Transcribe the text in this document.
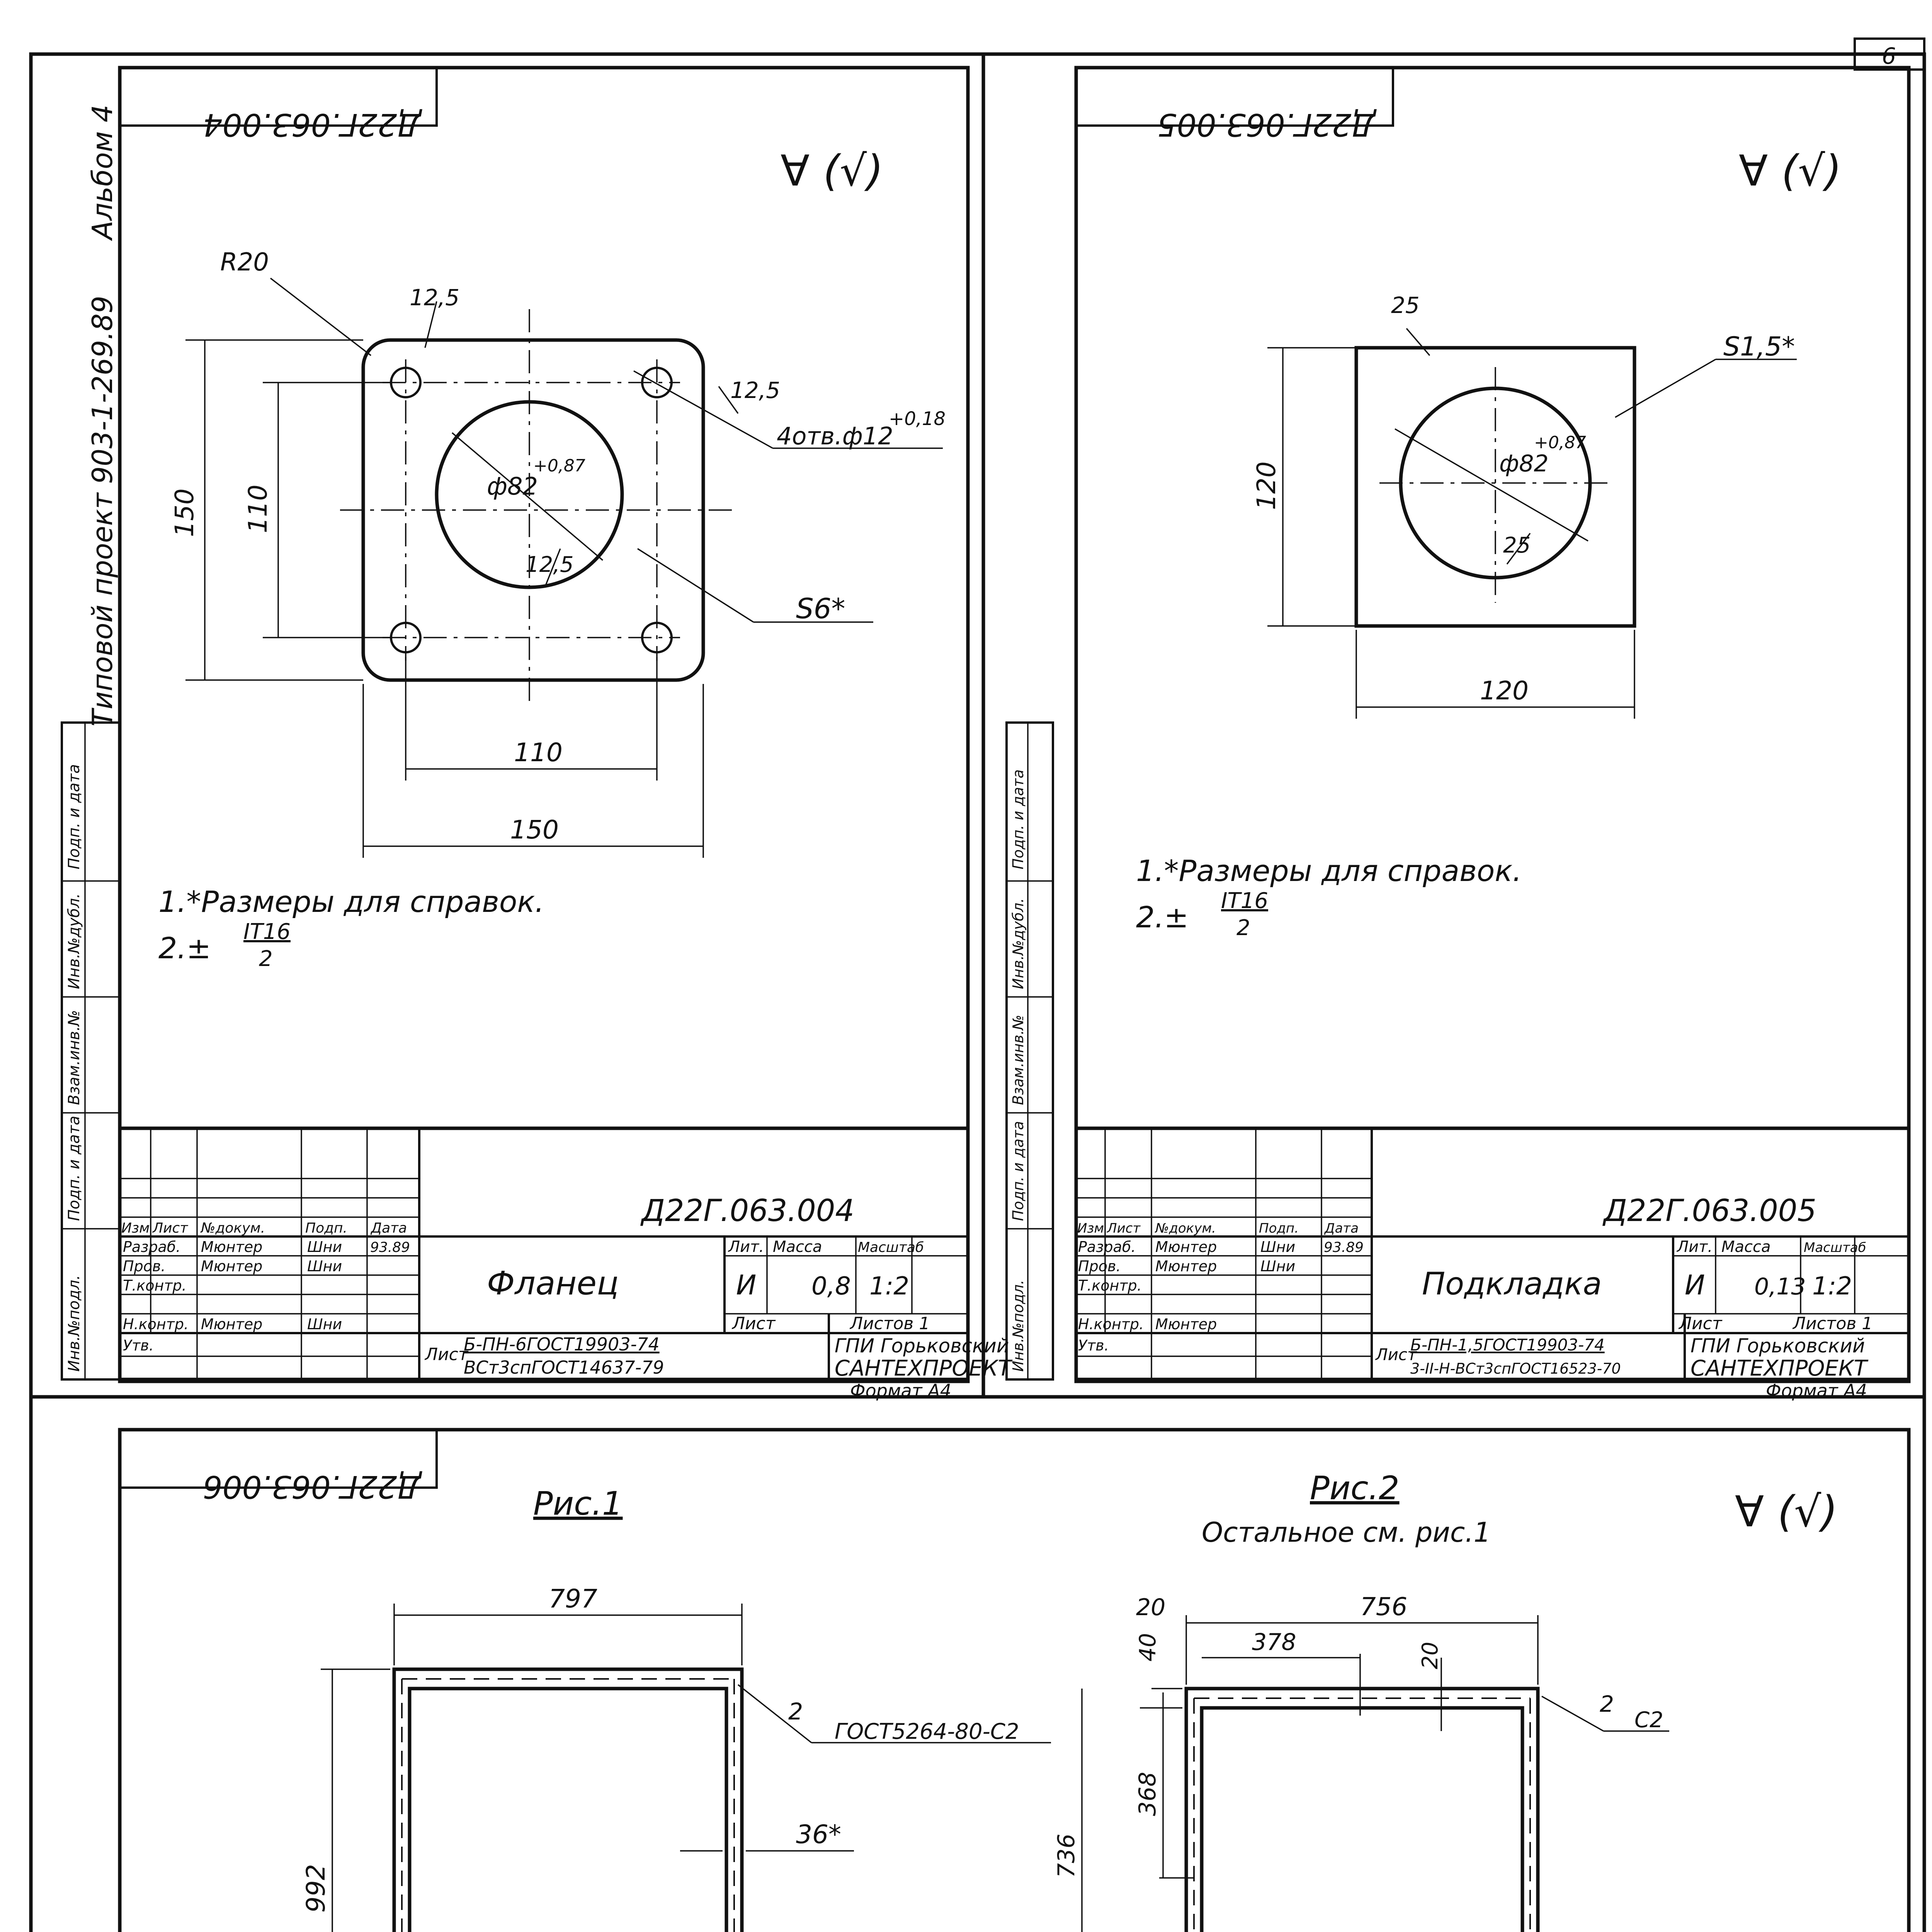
6
Альбом 4
Типовой проект 903-1-269.89
Подп. и дата
Инв.№дубл.
Взам.инв.№
Подп. и дата
Инв.№подл.
Подп. и дата
Инв.№дубл.
Взам.инв.№
Подп. и дата
Инв.№подл.
Д22Г.063.004
∀ (√)
R20
12,5
12,5
4отв.ф12
+0,18
ф82
+0,87
12,5
150 110
110
150
S6*
1.*Размеры для справок.
2.± IT16
2
Д22Г.063.004
Изм Лист №докум.	Подп. Дата
Разраб. Мюнтер	Шни 93.89
Пров. Мюнтер	Шни
Т.контр.
Н.контр. Мюнтер	Шни
Утв.
Фланец
Лит. Масса	Масштаб
И 0,8 1:2
Лист	Листов 1
Лист
Б-ПН-6ГОСТ19903-74
ВСт3спГОСТ14637-79
ГПИ Горьковский
САНТЕХПРОЕКТ
Формат А4
Д22Г.063.005
∀ (√)
25
S1,5*
ф82
+0,87
25
120
120
1.*Размеры для справок.
2.± IT16
2
Д22Г.063.005
Изм Лист №докум.	Подп. Дата
Разраб. Мюнтер	Шни 93.89
Пров. Мюнтер	Шни
Т.контр.
Н.контр. Мюнтер
Утв.
Подкладка
Лит. Масса	Масштаб
И 0,13 1:2
Лист	Листов 1
Лист
Б-ПН-1,5ГОСТ19903-74
3-II-Н-ВСт3спГОСТ16523-70
ГПИ Горьковский
САНТЕХПРОЕКТ
Формат А4
Д22Г.063.006
∀ (√)
Рис.1	Рис.2
Остальное см. рис.1
797
992
2
ГОСТ5264-80-С2
36*
20	756
40	378	20
2
С2
368
736
